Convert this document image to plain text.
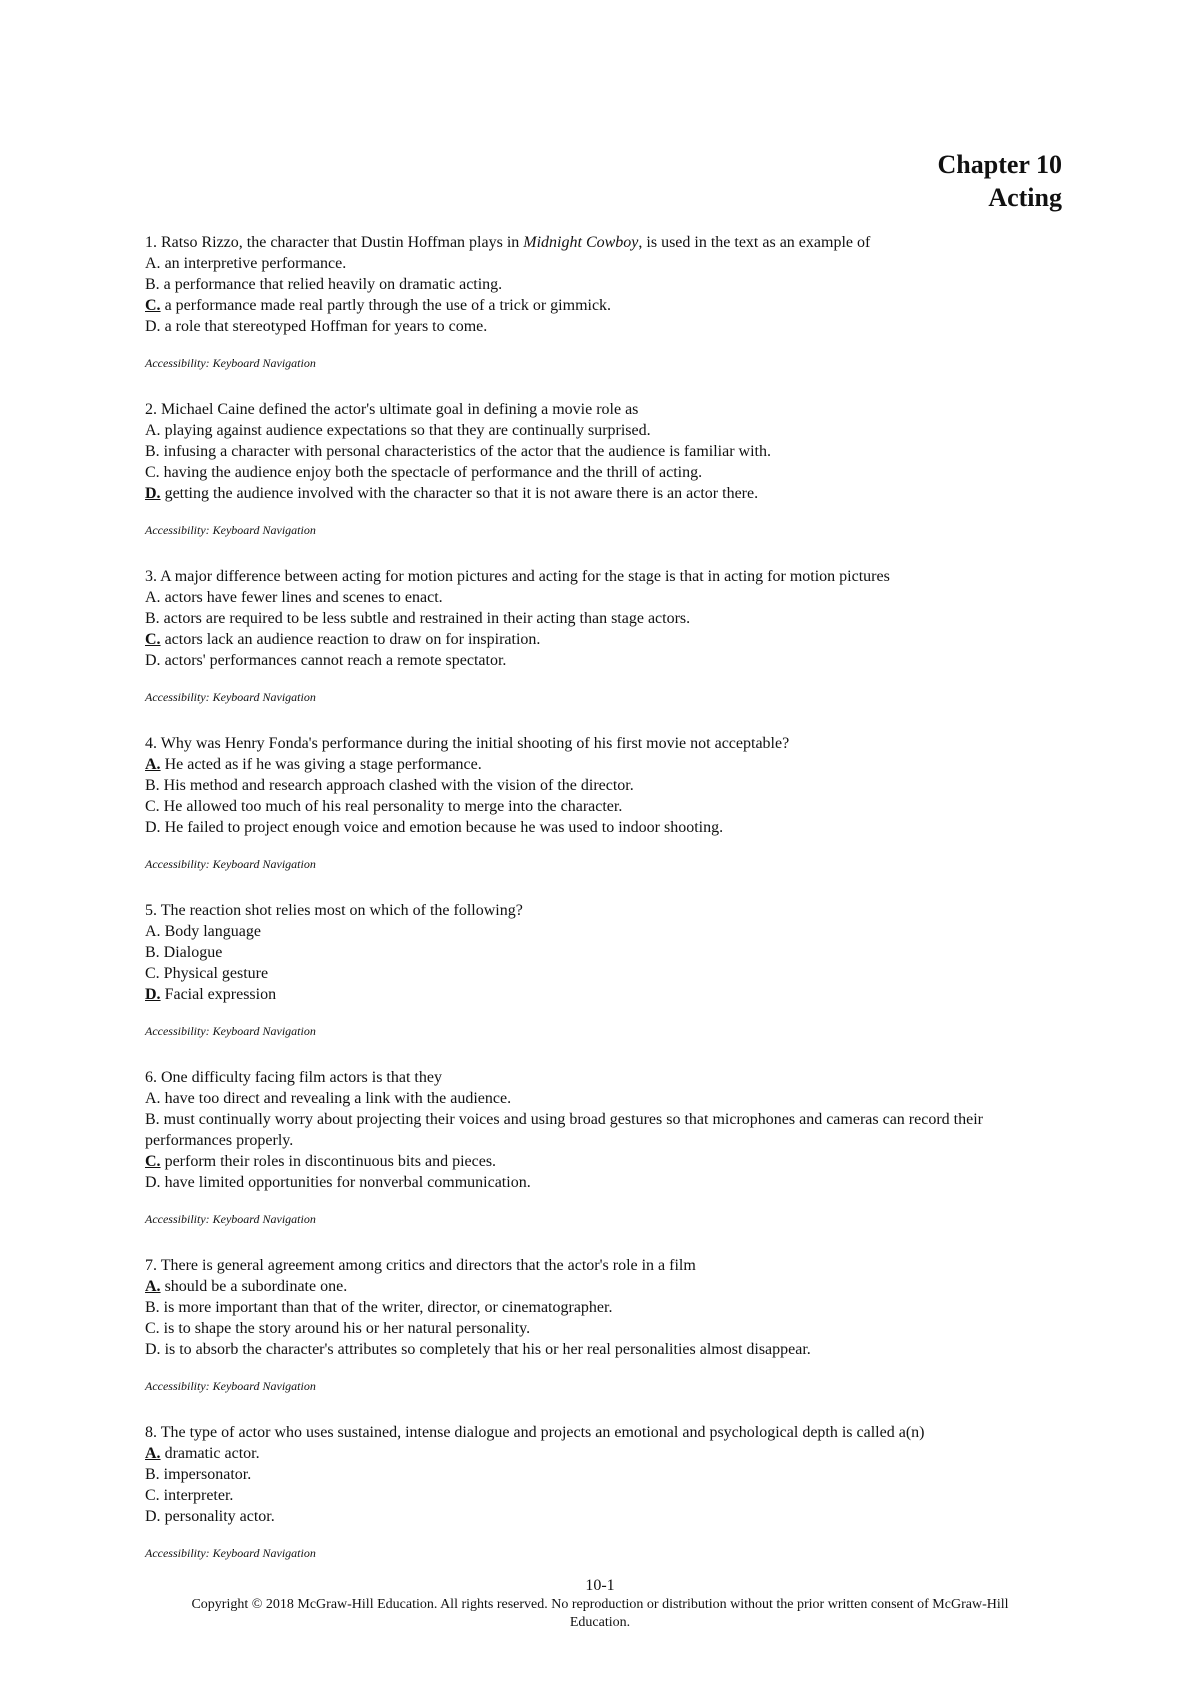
Chapter 10
Acting
1. Ratso Rizzo, the character that Dustin Hoffman plays in Midnight Cowboy, is used in the text as an example of
A. an interpretive performance.
B. a performance that relied heavily on dramatic acting.
C. a performance made real partly through the use of a trick or gimmick.
D. a role that stereotyped Hoffman for years to come.
Accessibility: Keyboard Navigation
2. Michael Caine defined the actor's ultimate goal in defining a movie role as
A. playing against audience expectations so that they are continually surprised.
B. infusing a character with personal characteristics of the actor that the audience is familiar with.
C. having the audience enjoy both the spectacle of performance and the thrill of acting.
D. getting the audience involved with the character so that it is not aware there is an actor there.
Accessibility: Keyboard Navigation
3. A major difference between acting for motion pictures and acting for the stage is that in acting for motion pictures
A. actors have fewer lines and scenes to enact.
B. actors are required to be less subtle and restrained in their acting than stage actors.
C. actors lack an audience reaction to draw on for inspiration.
D. actors' performances cannot reach a remote spectator.
Accessibility: Keyboard Navigation
4. Why was Henry Fonda's performance during the initial shooting of his first movie not acceptable?
A. He acted as if he was giving a stage performance.
B. His method and research approach clashed with the vision of the director.
C. He allowed too much of his real personality to merge into the character.
D. He failed to project enough voice and emotion because he was used to indoor shooting.
Accessibility: Keyboard Navigation
5. The reaction shot relies most on which of the following?
A. Body language
B. Dialogue
C. Physical gesture
D. Facial expression
Accessibility: Keyboard Navigation
6. One difficulty facing film actors is that they
A. have too direct and revealing a link with the audience.
B. must continually worry about projecting their voices and using broad gestures so that microphones and cameras can record their performances properly.
C. perform their roles in discontinuous bits and pieces.
D. have limited opportunities for nonverbal communication.
Accessibility: Keyboard Navigation
7. There is general agreement among critics and directors that the actor's role in a film
A. should be a subordinate one.
B. is more important than that of the writer, director, or cinematographer.
C. is to shape the story around his or her natural personality.
D. is to absorb the character's attributes so completely that his or her real personalities almost disappear.
Accessibility: Keyboard Navigation
8. The type of actor who uses sustained, intense dialogue and projects an emotional and psychological depth is called a(n)
A. dramatic actor.
B. impersonator.
C. interpreter.
D. personality actor.
Accessibility: Keyboard Navigation
10-1
Copyright © 2018 McGraw-Hill Education. All rights reserved. No reproduction or distribution without the prior written consent of McGraw-Hill Education.
